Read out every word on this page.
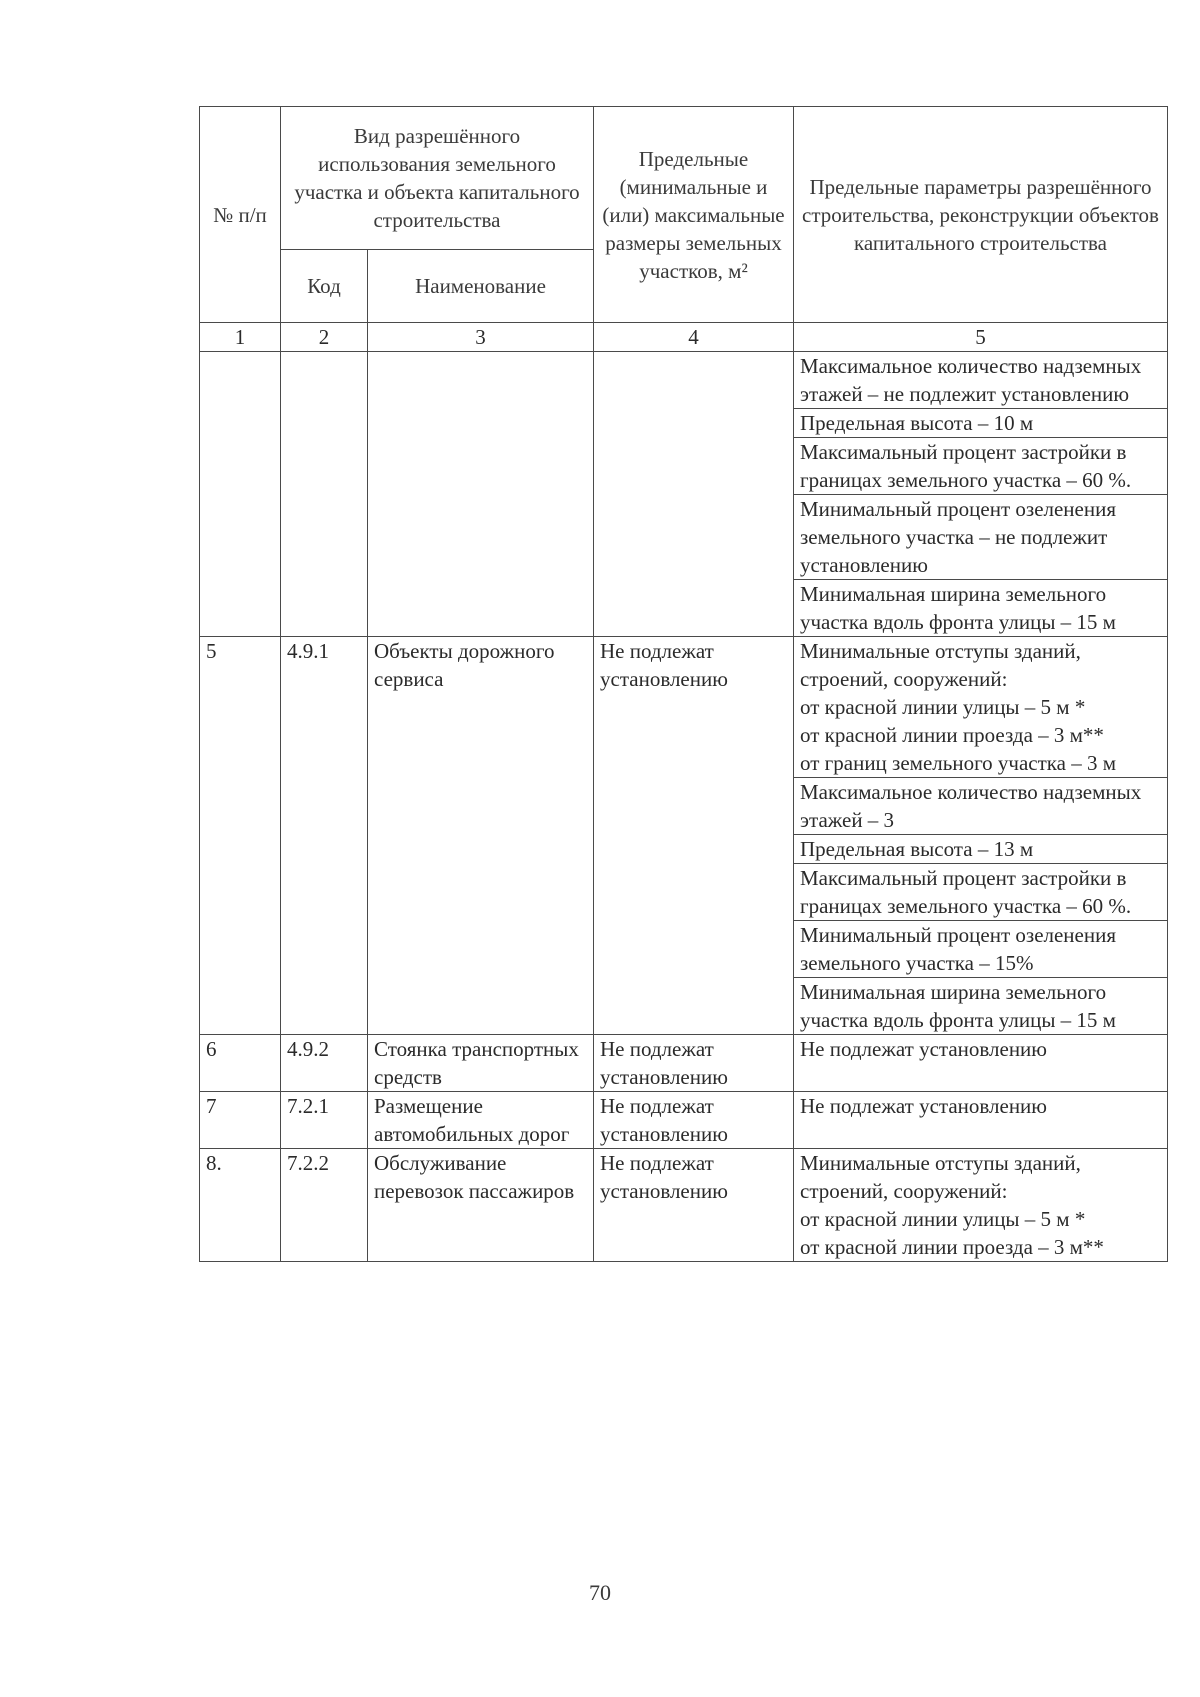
№ п/п	Вид разрешённого использования земельного участка и объекта капитального строительства		Предельные (минимальные и (или) максимальные размеры земельных участков, м²	Предельные параметры разрешённого строительства, реконструкции объектов капитального строительства
	Код	Наименование		
1	2	3	4	5
				Максимальное количество надземных этажей – не подлежит установлению
				Предельная высота – 10 м
				Максимальный процент застройки в границах земельного участка – 60 %.
				Минимальный процент озеленения земельного участка – не подлежит установлению
				Минимальная ширина земельного участка вдоль фронта улицы – 15 м
5	4.9.1	Объекты дорожного сервиса	Не подлежат установлению	Минимальные отступы зданий, строений, сооружений:
от красной линии улицы – 5 м *
от красной линии проезда – 3 м**
от границ земельного участка – 3 м
				Максимальное количество надземных этажей – 3
				Предельная высота – 13 м
				Максимальный процент застройки в границах земельного участка – 60 %.
				Минимальный процент озеленения земельного участка – 15%
				Минимальная ширина земельного участка вдоль фронта улицы – 15 м
6	4.9.2	Стоянка транспортных средств	Не подлежат установлению	Не подлежат установлению
7	7.2.1	Размещение автомобильных дорог	Не подлежат установлению	Не подлежат установлению
8.	7.2.2	Обслуживание перевозок пассажиров	Не подлежат установлению	Минимальные отступы зданий, строений, сооружений:
от красной линии улицы – 5 м *
от красной линии проезда – 3 м**
70
